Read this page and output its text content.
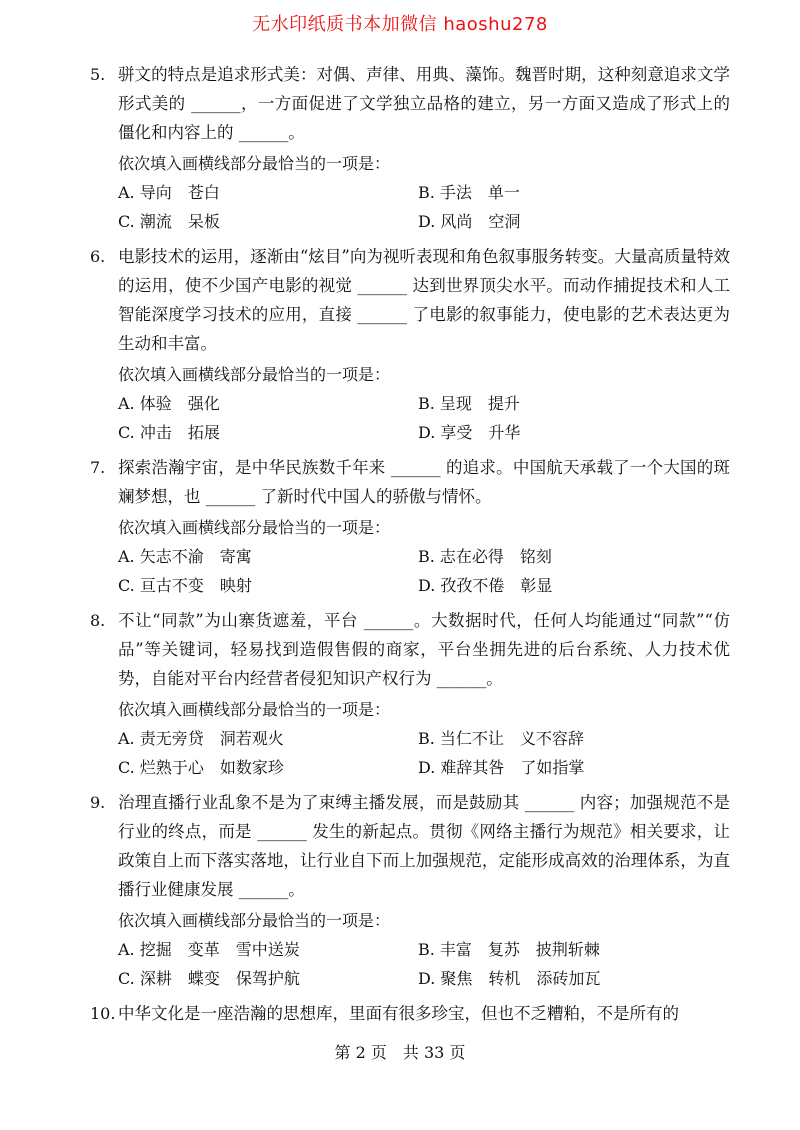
无水印纸质书本加微信 haoshu278
5. 骈文的特点是追求形式美：对偶、声律、用典、藻饰。魏晋时期，这种刻意追求文学形式美的 ______，一方面促进了文学独立品格的建立，另一方面又造成了形式上的僵化和内容上的 ______。
依次填入画横线部分最恰当的一项是：
A. 导向　苍白	B. 手法　单一
C. 潮流　呆板	D. 风尚　空洞
6. 电影技术的运用，逐渐由“炫目”向为视听表现和角色叙事服务转变。大量高质量特效的运用，使不少国产电影的视觉 ______ 达到世界顶尖水平。而动作捕捉技术和人工智能深度学习技术的应用，直接 ______ 了电影的叙事能力，使电影的艺术表达更为生动和丰富。
依次填入画横线部分最恰当的一项是：
A. 体验　强化	B. 呈现　提升
C. 冲击　拓展	D. 享受　升华
7. 探索浩瀚宇宙，是中华民族数千年来 ______ 的追求。中国航天承载了一个大国的斑斓梦想，也 ______ 了新时代中国人的骄傲与情怀。
依次填入画横线部分最恰当的一项是：
A. 矢志不渝　寄寓	B. 志在必得　铭刻
C. 亘古不变　映射	D. 孜孜不倦　彰显
8. 不让“同款”为山寨货遮羞，平台 ______。大数据时代，任何人均能通过“同款”“仿品”等关键词，轻易找到造假售假的商家，平台坐拥先进的后台系统、人力技术优势，自能对平台内经营者侵犯知识产权行为 ______。
依次填入画横线部分最恰当的一项是：
A. 责无旁贷　洞若观火	B. 当仁不让　义不容辞
C. 烂熟于心　如数家珍	D. 难辞其咎　了如指掌
9. 治理直播行业乱象不是为了束缚主播发展，而是鼓励其 ______ 内容；加强规范不是行业的终点，而是 ______ 发生的新起点。贯彻《网络主播行为规范》相关要求，让政策自上而下落实落地，让行业自下而上加强规范，定能形成高效的治理体系，为直播行业健康发展 ______。
依次填入画横线部分最恰当的一项是：
A. 挖掘　变革　雪中送炭	B. 丰富　复苏　披荆斩棘
C. 深耕　蝶变　保驾护航	D. 聚焦　转机　添砖加瓦
10. 中华文化是一座浩瀚的思想库，里面有很多珍宝，但也不乏糟粕，不是所有的
第 2 页　共 33 页
